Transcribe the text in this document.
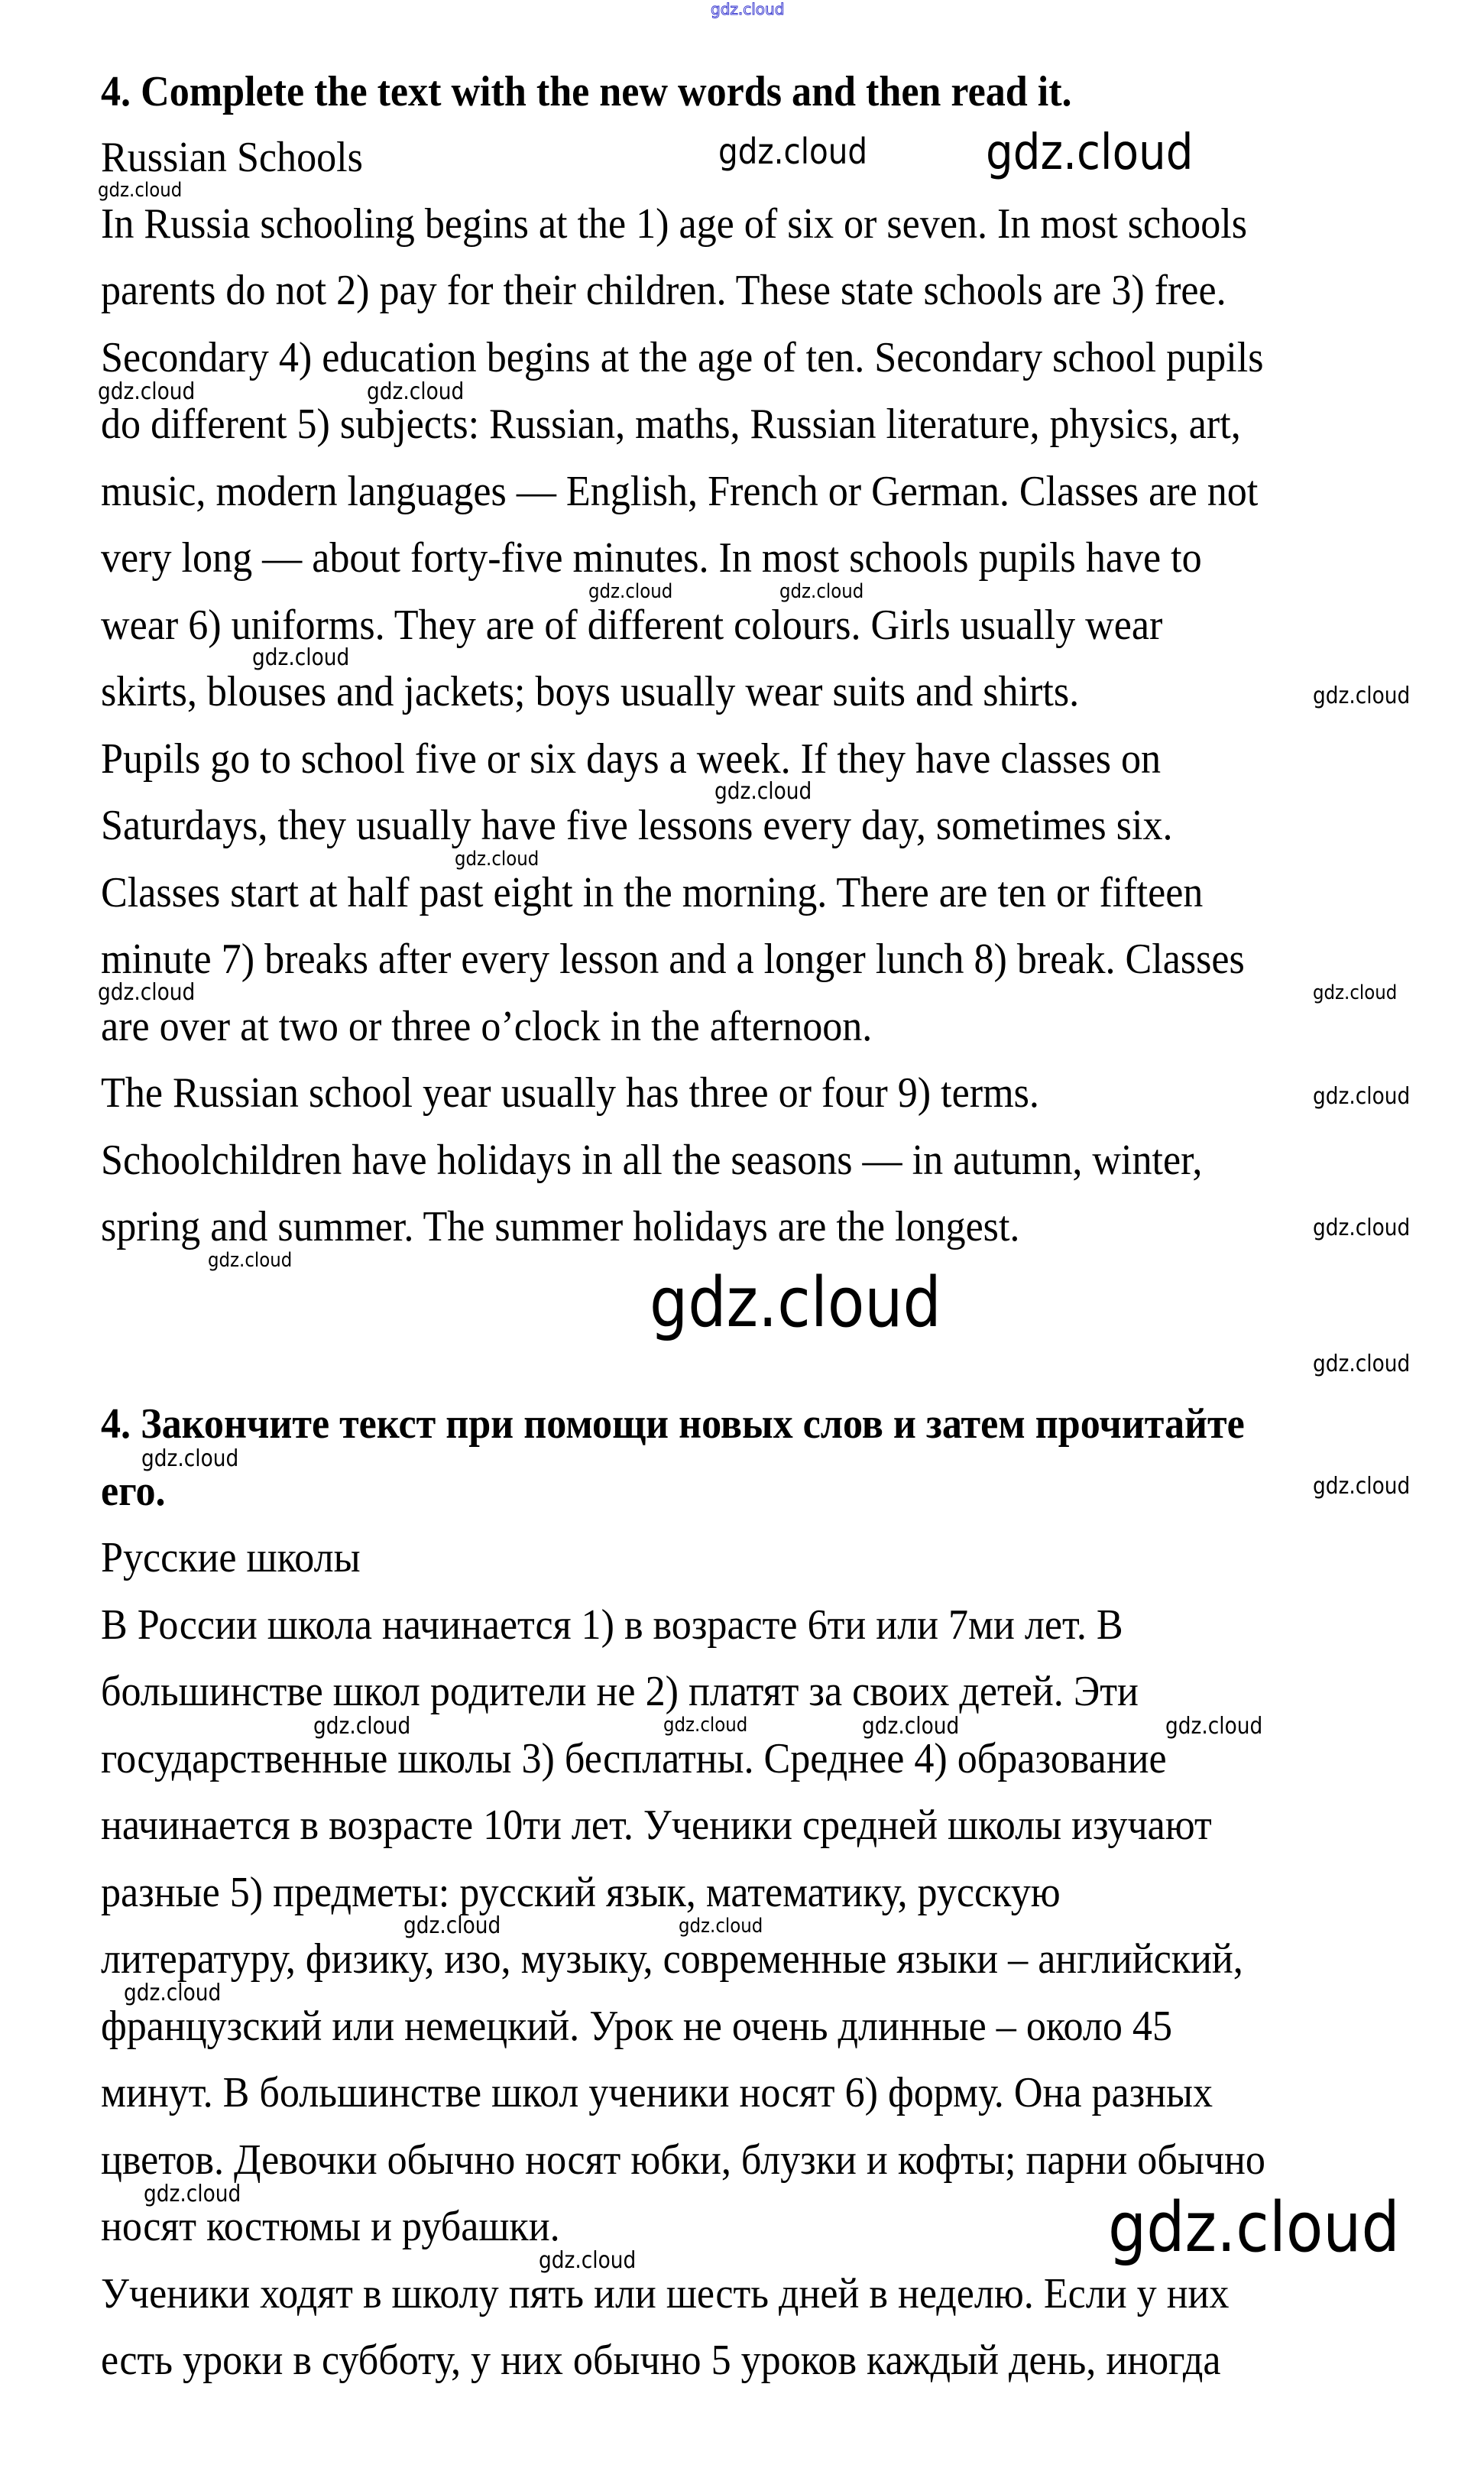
gdz.cloud
4. Complete the text with the new words and then read it.
Russian Schools
In Russia schooling begins at the 1) age of six or seven. In most schools
parents do not 2) pay for their children. These state schools are 3) free.
Secondary 4) education begins at the age of ten. Secondary school pupils
do different 5) subjects: Russian, maths, Russian literature, physics, art,
music, modern languages — English, French or German. Classes are not
very long — about forty-five minutes. In most schools pupils have to
wear 6) uniforms. They are of different colours. Girls usually wear
skirts, blouses and jackets; boys usually wear suits and shirts.
Pupils go to school five or six days a week. If they have classes on
Saturdays, they usually have five lessons every day, sometimes six.
Classes start at half past eight in the morning. There are ten or fifteen
minute 7) breaks after every lesson and a longer lunch 8) break. Classes
are over at two or three o’clock in the afternoon.
The Russian school year usually has three or four 9) terms.
Schoolchildren have holidays in all the seasons — in autumn, winter,
spring and summer. The summer holidays are the longest.
4. Закончите текст при помощи новых слов и затем прочитайте
его.
Русские школы
В России школа начинается 1) в возрасте 6ти или 7ми лет. В
большинстве школ родители не 2) платят за своих детей. Эти
государственные школы 3) бесплатны. Среднее 4) образование
начинается в возрасте 10ти лет. Ученики средней школы изучают
разные 5) предметы: русский язык, математику, русскую
литературу, физику, изо, музыку, современные языки – английский,
французский или немецкий. Урок не очень длинные – около 45
минут. В большинстве школ ученики носят 6) форму. Она разных
цветов. Девочки обычно носят юбки, блузки и кофты; парни обычно
носят костюмы и рубашки.
Ученики ходят в школу пять или шесть дней в неделю. Если у них
есть уроки в субботу, у них обычно 5 уроков каждый день, иногда
gdz.cloud gdz.cloud
gdz.cloud
gdz.cloud	gdz.cloud
gdz.cloud	gdz.cloud
gdz.cloud
gdz.cloud
gdz.cloud
gdz.cloud
gdz.cloud
gdz.cloud
gdz.cloud
gdz.cloud
gdz.cloud
gdz.cloud
gdz.cloud
gdz.cloud
gdz.cloud
gdz.cloud	gdz.cloud	gdz.cloud	gdz.cloud
gdz.cloud
gdz.cloud
gdz.cloud
gdz.cloud	gdz.cloud
gdz.cloud
